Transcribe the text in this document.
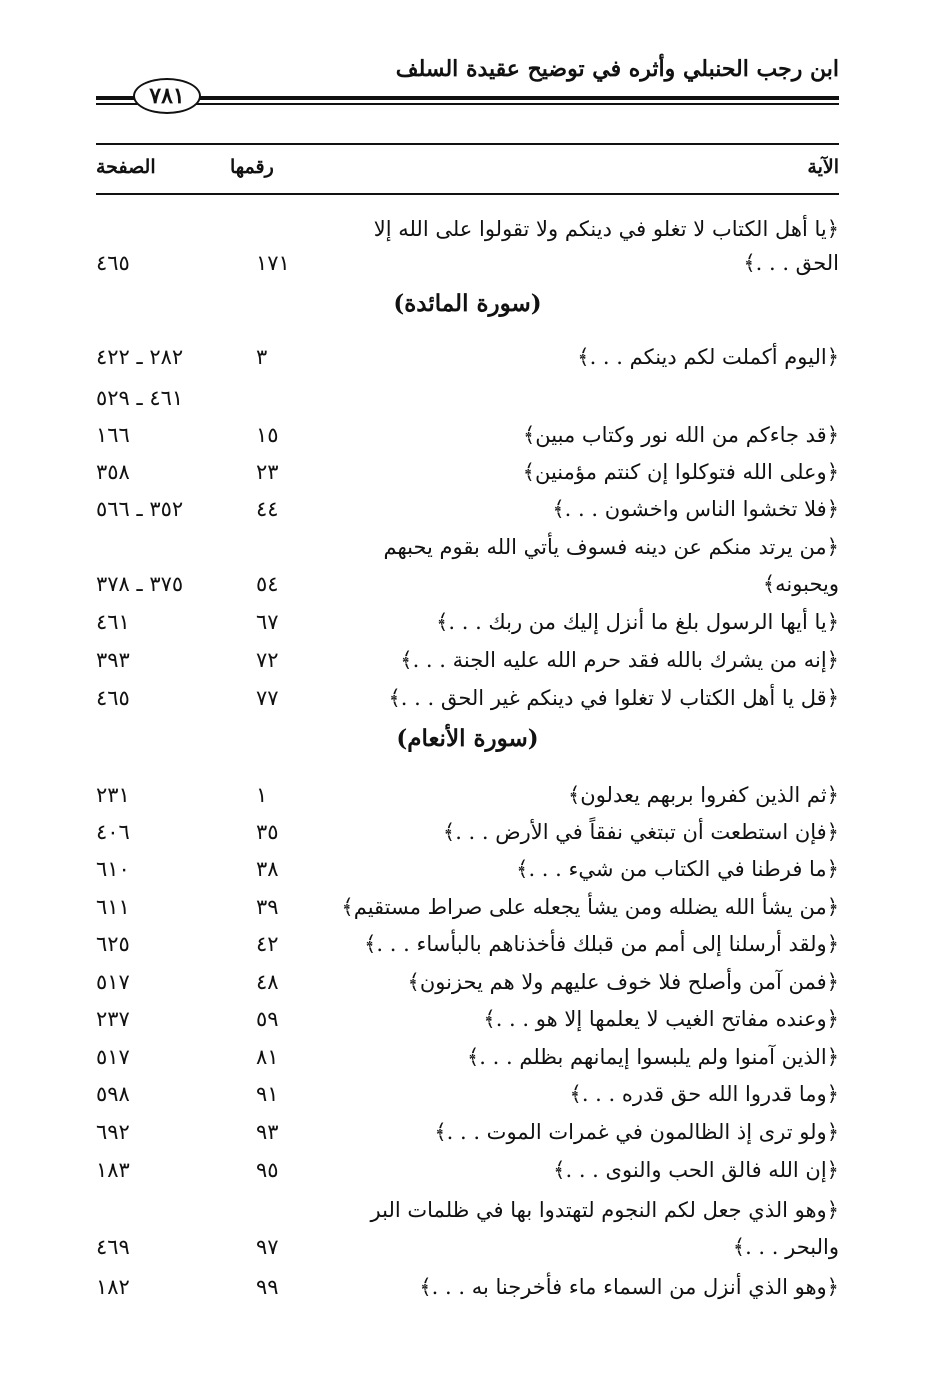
ابن رجب الحنبلي وأثره في توضيح عقيدة السلف
٧٨١
الآية
رقمها
الصفحة
﴿يا أهل الكتاب لا تغلو في دينكم ولا تقولوا على الله إلا
الحق . . .﴾
١٧١
٤٦٥
﴿اليوم أكملت لكم دينكم . . .﴾
٣
٢٨٢ ـ ٤٢٢
٤٦١ ـ ٥٢٩
﴿قد جاءكم من الله نور وكتاب مبين﴾
١٥
١٦٦
﴿وعلى الله فتوكلوا إن كنتم مؤمنين﴾
٢٣
٣٥٨
﴿فلا تخشوا الناس واخشون . . .﴾
٤٤
٣٥٢ ـ ٥٦٦
﴿من يرتد منكم عن دينه فسوف يأتي الله بقوم يحبهم
ويحبونه﴾
٥٤
٣٧٥ ـ ٣٧٨
﴿يا أيها الرسول بلغ ما أنزل إليك من ربك . . .﴾
٦٧
٤٦١
﴿إنه من يشرك بالله فقد حرم الله عليه الجنة . . .﴾
٧٢
٣٩٣
﴿قل يا أهل الكتاب لا تغلوا في دينكم غير الحق . . .﴾
٧٧
٤٦٥
﴿ثم الذين كفروا بربهم يعدلون﴾
١
٢٣١
﴿فإن استطعت أن تبتغي نفقاً في الأرض . . .﴾
٣٥
٤٠٦
﴿ما فرطنا في الكتاب من شيء . . .﴾
٣٨
٦١٠
﴿من يشأ الله يضلله ومن يشأ يجعله على صراط مستقيم﴾
٣٩
٦١١
﴿ولقد أرسلنا إلى أمم من قبلك فأخذناهم بالبأساء . . .﴾
٤٢
٦٢٥
﴿فمن آمن وأصلح فلا خوف عليهم ولا هم يحزنون﴾
٤٨
٥١٧
﴿وعنده مفاتح الغيب لا يعلمها إلا هو . . .﴾
٥٩
٢٣٧
﴿الذين آمنوا ولم يلبسوا إيمانهم بظلم . . .﴾
٨١
٥١٧
﴿وما قدروا الله حق قدره . . .﴾
٩١
٥٩٨
﴿ولو ترى إذ الظالمون في غمرات الموت . . .﴾
٩٣
٦٩٢
﴿إن الله فالق الحب والنوى . . .﴾
٩٥
١٨٣
﴿وهو الذي جعل لكم النجوم لتهتدوا بها في ظلمات البر
والبحر . . .﴾
٩٧
٤٦٩
﴿وهو الذي أنزل من السماء ماء فأخرجنا به . . .﴾
٩٩
١٨٢
(سورة المائدة)
(سورة الأنعام)
